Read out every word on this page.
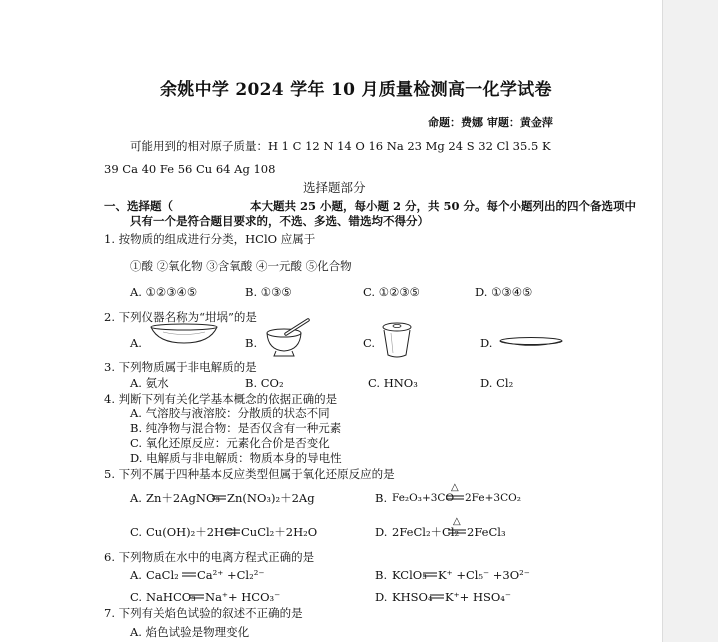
余姚中学 2024 学年 10 月质量检测高一化学试卷
命题：费娜 审题：黄金萍
可能用到的相对原子质量：H 1 C 12 N 14 O 16 Na 23 Mg 24 S 32 Cl 35.5 K
39 Ca 40 Fe 56 Cu 64 Ag 108
选择题部分
一、选择题（	本大题共 25 小题，每小题 2 分，共 50 分。每个小题列出的四个备选项中
只有一个是符合题目要求的，不选、多选、错选均不得分）
1. 按物质的组成进行分类，HClO 应属于
①酸 ②氧化物 ③含氧酸 ④一元酸 ⑤化合物
A. ①②③④⑤	B. ①③⑤	C. ①②③⑤	D. ①③④⑤
2. 下列仪器名称为“坩埚”的是
A.	B.	C.	D.
3. 下列物质属于非电解质的是
A. 氨水	B. CO₂	C. HNO₃	D. Cl₂
4. 判断下列有关化学基本概念的依据正确的是
A. 气溶胶与液溶胶：分散质的状态不同
B. 纯净物与混合物：是否仅含有一种元素
C. 氧化还原反应：元素化合价是否变化
D. 电解质与非电解质：物质本身的导电性
5. 下列不属于四种基本反应类型但属于氧化还原反应的是
A. Zn＋2AgNO₃ Zn(NO₃)₂＋2Ag	B. Fe₂O₃+3CO
△
2Fe+3CO₂
C. Cu(OH)₂＋2HCl CuCl₂＋2H₂O	D. 2FeCl₂＋Cl₂
△
2FeCl₃
6. 下列物质在水中的电离方程式正确的是
A. CaCl₂ Ca²⁺ +Cl₂²⁻	B. KClO₃ K⁺ +Cl₅⁻ +3O²⁻
C. NaHCO₃ Na⁺+ HCO₃⁻	D. KHSO₄ K⁺+ HSO₄⁻
7. 下列有关焰色试验的叙述不正确的是
A. 焰色试验是物理变化
